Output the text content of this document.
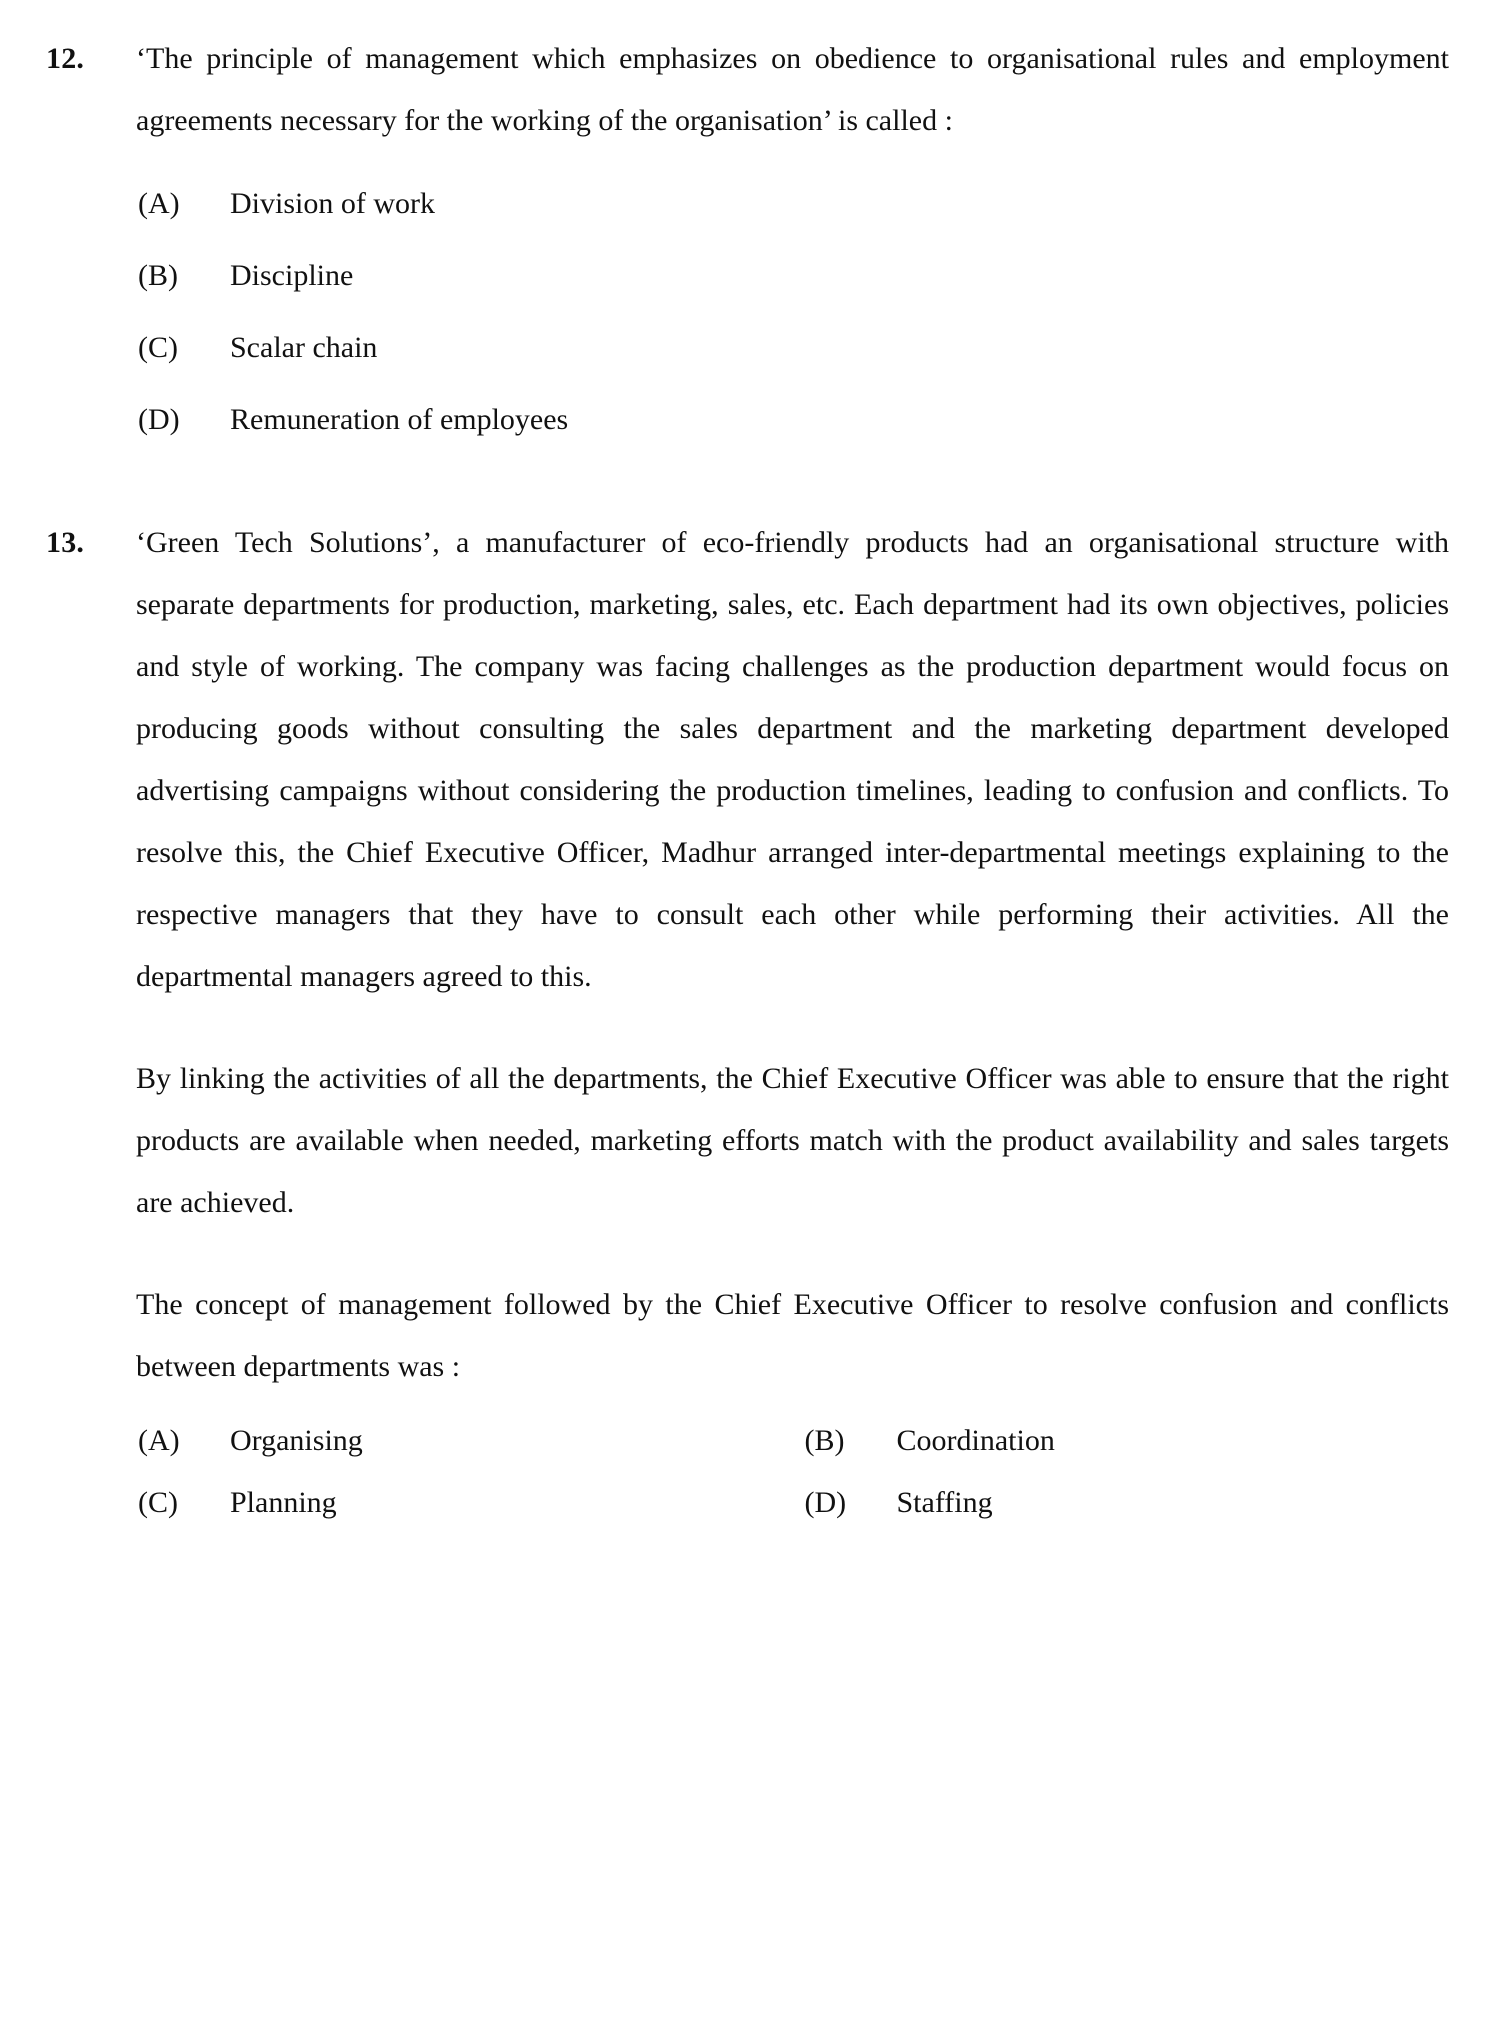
12.	‘The principle of management which emphasizes on obedience to organisational rules and employment agreements necessary for the working of the organisation’ is called :

(A)	Division of work
(B)	Discipline
(C)	Scalar chain
(D)	Remuneration of employees
13.	‘Green Tech Solutions’, a manufacturer of eco-friendly products had an organisational structure with separate departments for production, marketing, sales, etc. Each department had its own objectives, policies and style of working. The company was facing challenges as the production department would focus on producing goods without consulting the sales department and the marketing department developed advertising campaigns without considering the production timelines, leading to confusion and conflicts. To resolve this, the Chief Executive Officer, Madhur arranged inter-departmental meetings explaining to the respective managers that they have to consult each other while performing their activities. All the departmental managers agreed to this.

By linking the activities of all the departments, the Chief Executive Officer was able to ensure that the right products are available when needed, marketing efforts match with the product availability and sales targets are achieved.

The concept of management followed by the Chief Executive Officer to resolve confusion and conflicts between departments was :

(A)	Organising	(B)	Coordination
(C)	Planning	(D)	Staffing
